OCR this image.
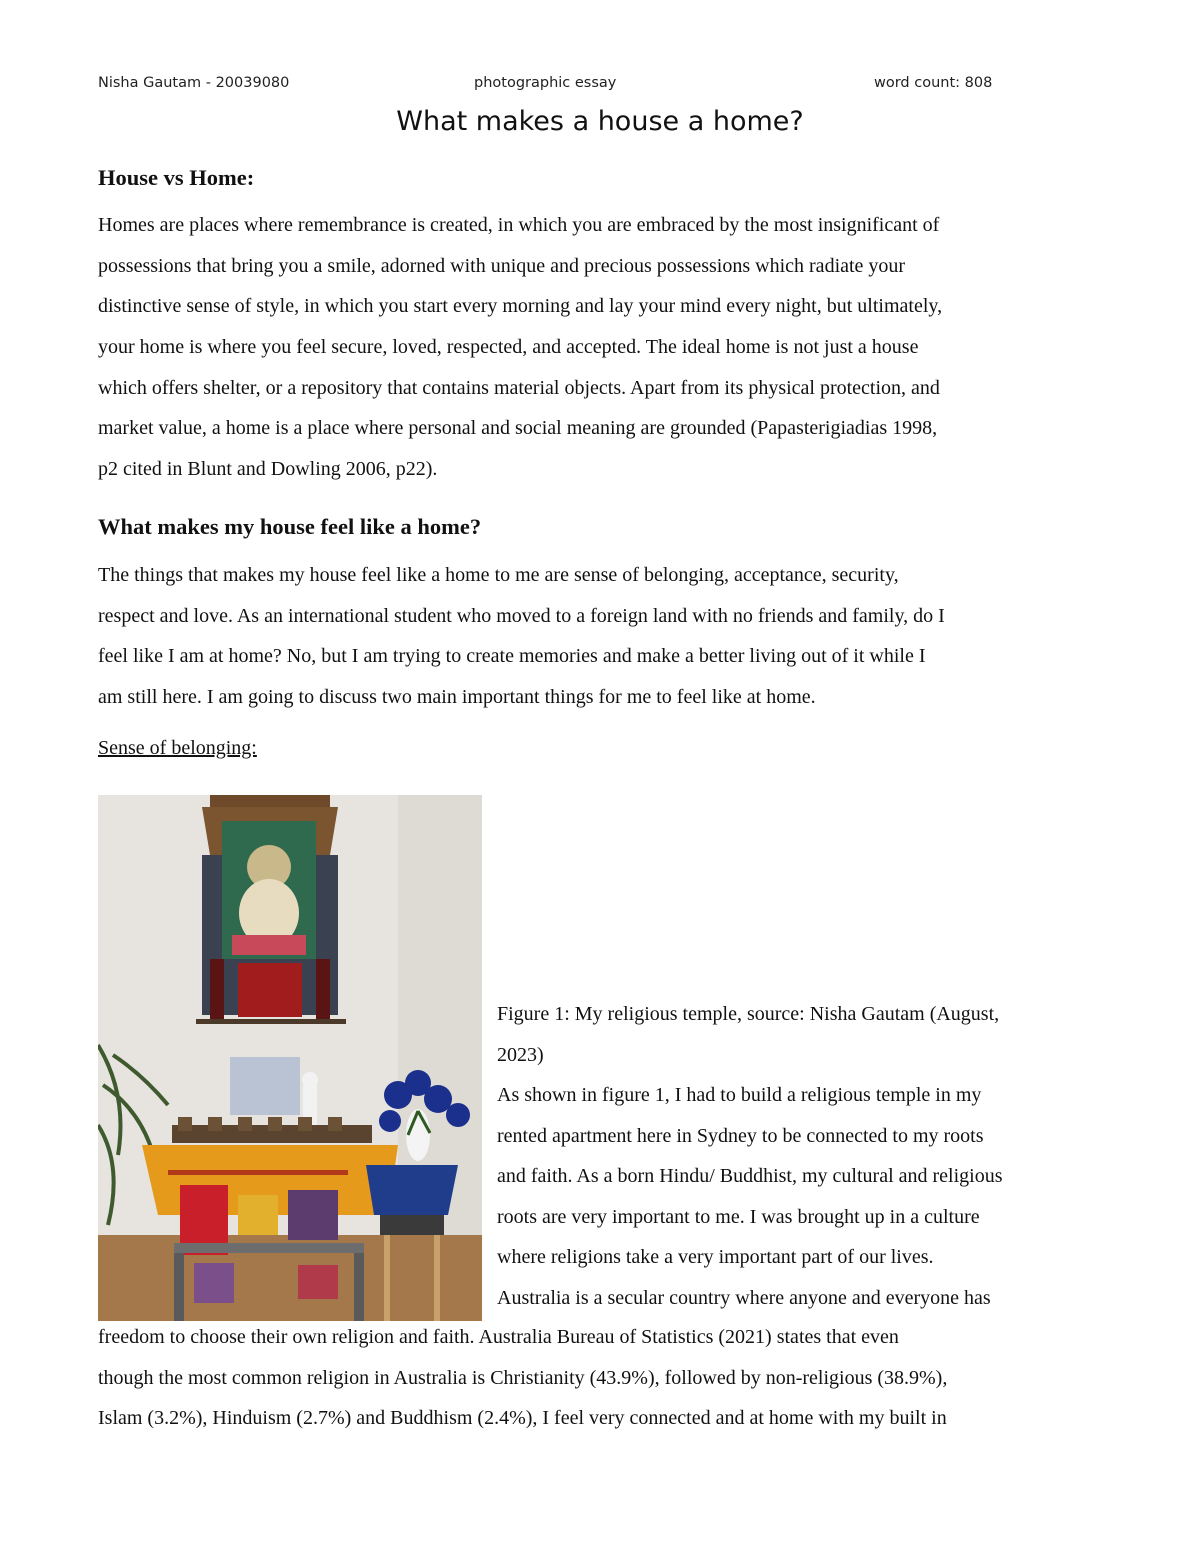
Nisha Gautam - 20039080	photographic essay	word count: 808
What makes a house a home?
House vs Home:
Homes are places where remembrance is created, in which you are embraced by the most insignificant of
possessions that bring you a smile, adorned with unique and precious possessions which radiate your
distinctive sense of style, in which you start every morning and lay your mind every night, but ultimately,
your home is where you feel secure, loved, respected, and accepted. The ideal home is not just a house
which offers shelter, or a repository that contains material objects. Apart from its physical protection, and
market value, a home is a place where personal and social meaning are grounded (Papasterigiadias 1998,
p2 cited in Blunt and Dowling 2006, p22).
What makes my house feel like a home?
The things that makes my house feel like a home to me are sense of belonging, acceptance, security,
respect and love. As an international student who moved to a foreign land with no friends and family, do I
feel like I am at home? No, but I am trying to create memories and make a better living out of it while I
am still here. I am going to discuss two main important things for me to feel like at home.
Sense of belonging:
Figure 1: My religious temple, source: Nisha Gautam (August,
2023)
As shown in figure 1, I had to build a religious temple in my
rented apartment here in Sydney to be connected to my roots
and faith. As a born Hindu/ Buddhist, my cultural and religious
roots are very important to me. I was brought up in a culture
where religions take a very important part of our lives.
Australia is a secular country where anyone and everyone has
freedom to choose their own religion and faith. Australia Bureau of Statistics (2021) states that even
though the most common religion in Australia is Christianity (43.9%), followed by non-religious (38.9%),
Islam (3.2%), Hinduism (2.7%) and Buddhism (2.4%), I feel very connected and at home with my built in
